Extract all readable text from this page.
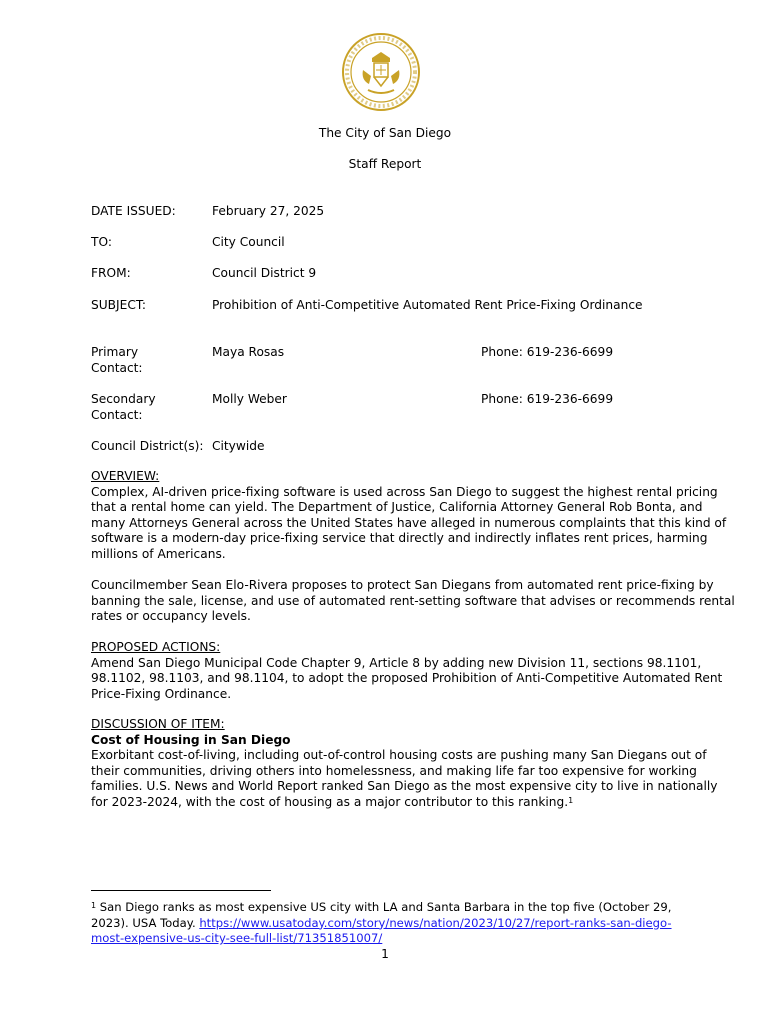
The City of San Diego
Staff Report
DATE ISSUED:	February 27, 2025
TO:	City Council
FROM:	Council District 9
SUBJECT:	Prohibition of Anti-Competitive Automated Rent Price-Fixing Ordinance
Primary
Contact:
Maya Rosas	Phone: 619-236-6699
Secondary
Contact:
Molly Weber	Phone: 619-236-6699
Council District(s): Citywide
OVERVIEW:
Complex, AI-driven price-fixing software is used across San Diego to suggest the highest rental pricing
that a rental home can yield. The Department of Justice, California Attorney General Rob Bonta, and
many Attorneys General across the United States have alleged in numerous complaints that this kind of
software is a modern-day price-fixing service that directly and indirectly inflates rent prices, harming
millions of Americans.
Councilmember Sean Elo-Rivera proposes to protect San Diegans from automated rent price-fixing by
banning the sale, license, and use of automated rent-setting software that advises or recommends rental
rates or occupancy levels.
PROPOSED ACTIONS:
Amend San Diego Municipal Code Chapter 9, Article 8 by adding new Division 11, sections 98.1101,
98.1102, 98.1103, and 98.1104, to adopt the proposed Prohibition of Anti-Competitive Automated Rent
Price-Fixing Ordinance.
DISCUSSION OF ITEM:
Cost of Housing in San Diego
Exorbitant cost-of-living, including out-of-control housing costs are pushing many San Diegans out of
their communities, driving others into homelessness, and making life far too expensive for working
families. U.S. News and World Report ranked San Diego as the most expensive city to live in nationally
for 2023-2024, with the cost of housing as a major contributor to this ranking.$^1$
$^1$ San Diego ranks as most expensive US city with LA and Santa Barbara in the top five (October 29,
2023). USA Today. https://www.usatoday.com/story/news/nation/2023/10/27/report-ranks-san-diego-
most-expensive-us-city-see-full-list/71351851007/
1
